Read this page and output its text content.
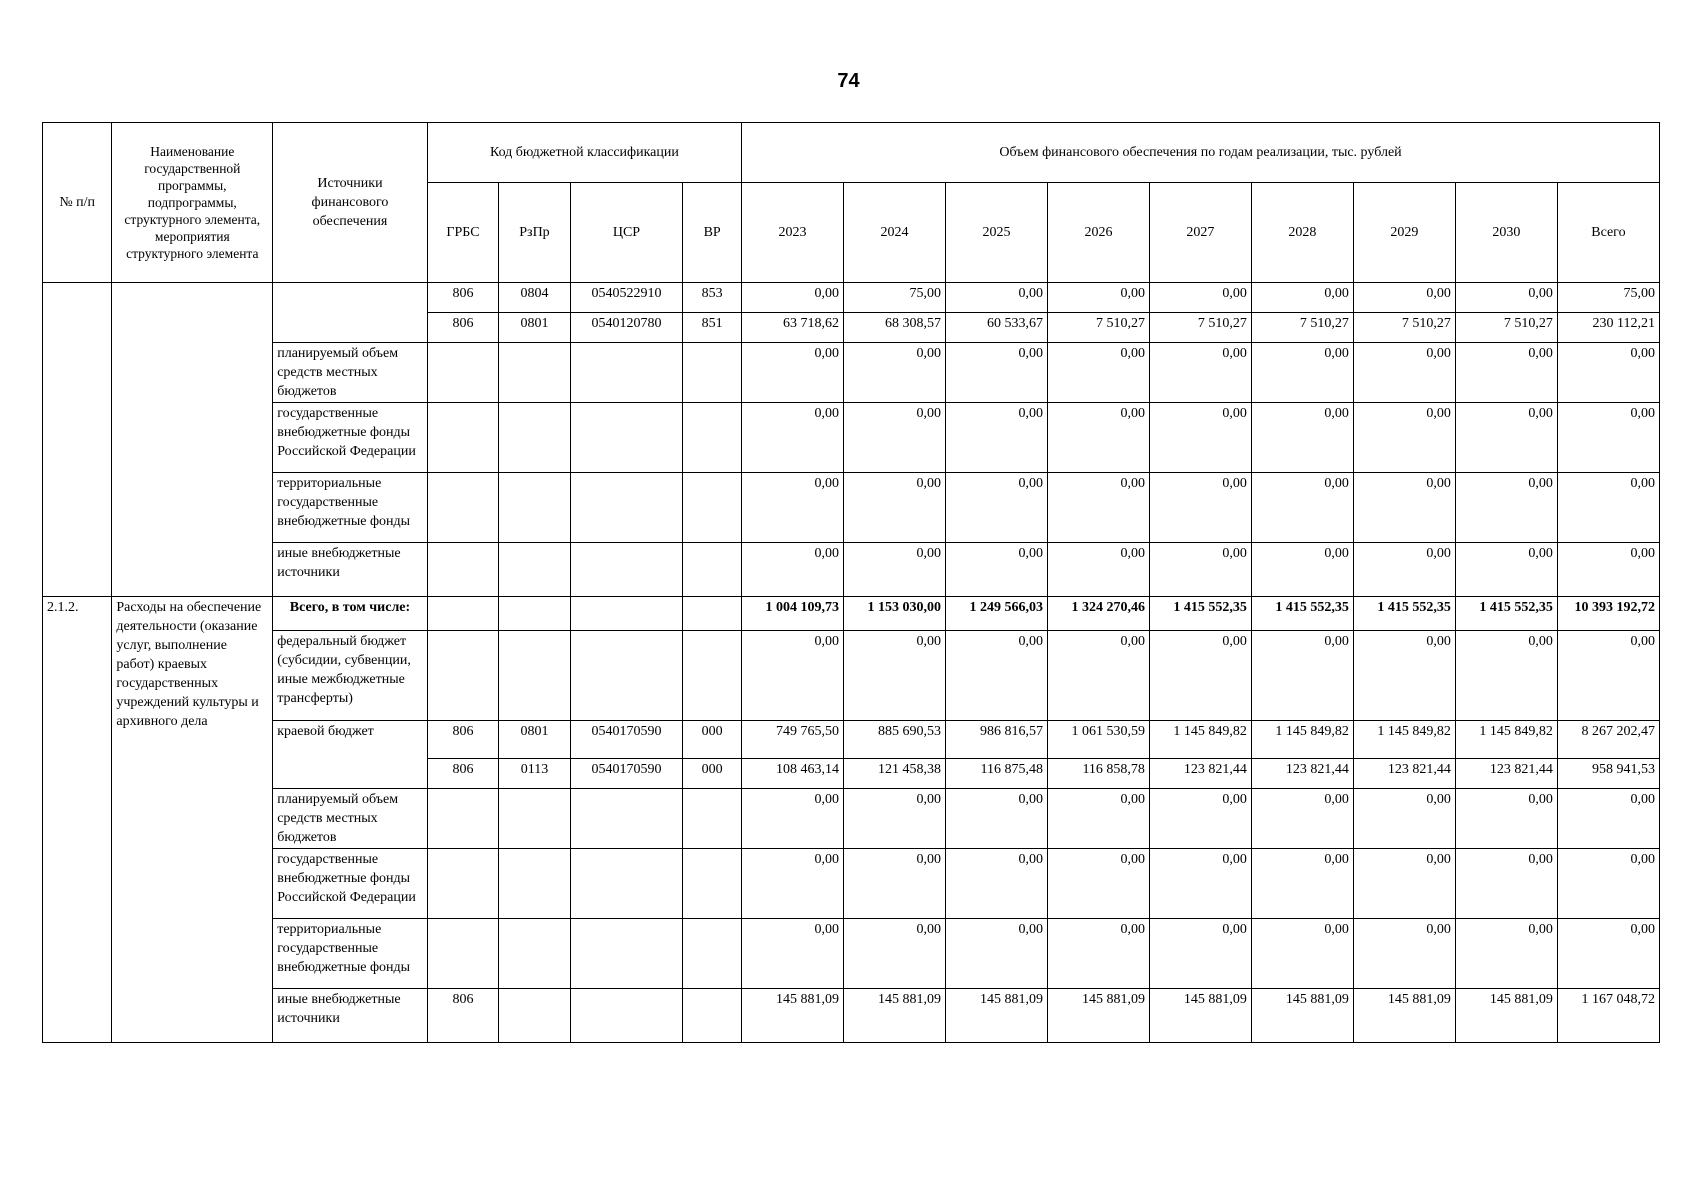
74
№ п/п	Наименование государственной программы, подпрограммы, структурного элемента, мероприятия структурного элемента	Источники финансового обеспечения	Код бюджетной классификации				Объем финансового обеспечения по годам реализации, тыс. рублей								
			ГРБС	РзПр	ЦСР	ВР	2023	2024	2025	2026	2027	2028	2029	2030	Всего
			806	0804	0540522910	853	0,00	75,00	0,00	0,00	0,00	0,00	0,00	0,00	75,00
			806	0801	0540120780	851	63 718,62	68 308,57	60 533,67	7 510,27	7 510,27	7 510,27	7 510,27	7 510,27	230 112,21
		планируемый объем средств местных бюджетов					0,00	0,00	0,00	0,00	0,00	0,00	0,00	0,00	0,00
		государственные внебюджетные фонды Российской Федерации					0,00	0,00	0,00	0,00	0,00	0,00	0,00	0,00	0,00
		территориальные государственные внебюджетные фонды					0,00	0,00	0,00	0,00	0,00	0,00	0,00	0,00	0,00
		иные внебюджетные источники					0,00	0,00	0,00	0,00	0,00	0,00	0,00	0,00	0,00
2.1.2.	Расходы на обеспечение деятельности (оказание услуг, выполнение работ) краевых государственных учреждений культуры и архивного дела	Всего, в том числе:					1 004 109,73	1 153 030,00	1 249 566,03	1 324 270,46	1 415 552,35	1 415 552,35	1 415 552,35	1 415 552,35	10 393 192,72
		федеральный бюджет (субсидии, субвенции, иные межбюджетные трансферты)					0,00	0,00	0,00	0,00	0,00	0,00	0,00	0,00	0,00
		краевой бюджет	806	0801	0540170590	000	749 765,50	885 690,53	986 816,57	1 061 530,59	1 145 849,82	1 145 849,82	1 145 849,82	1 145 849,82	8 267 202,47
			806	0113	0540170590	000	108 463,14	121 458,38	116 875,48	116 858,78	123 821,44	123 821,44	123 821,44	123 821,44	958 941,53
		планируемый объем средств местных бюджетов					0,00	0,00	0,00	0,00	0,00	0,00	0,00	0,00	0,00
		государственные внебюджетные фонды Российской Федерации					0,00	0,00	0,00	0,00	0,00	0,00	0,00	0,00	0,00
		территориальные государственные внебюджетные фонды					0,00	0,00	0,00	0,00	0,00	0,00	0,00	0,00	0,00
		иные внебюджетные источники	806				145 881,09	145 881,09	145 881,09	145 881,09	145 881,09	145 881,09	145 881,09	145 881,09	1 167 048,72
